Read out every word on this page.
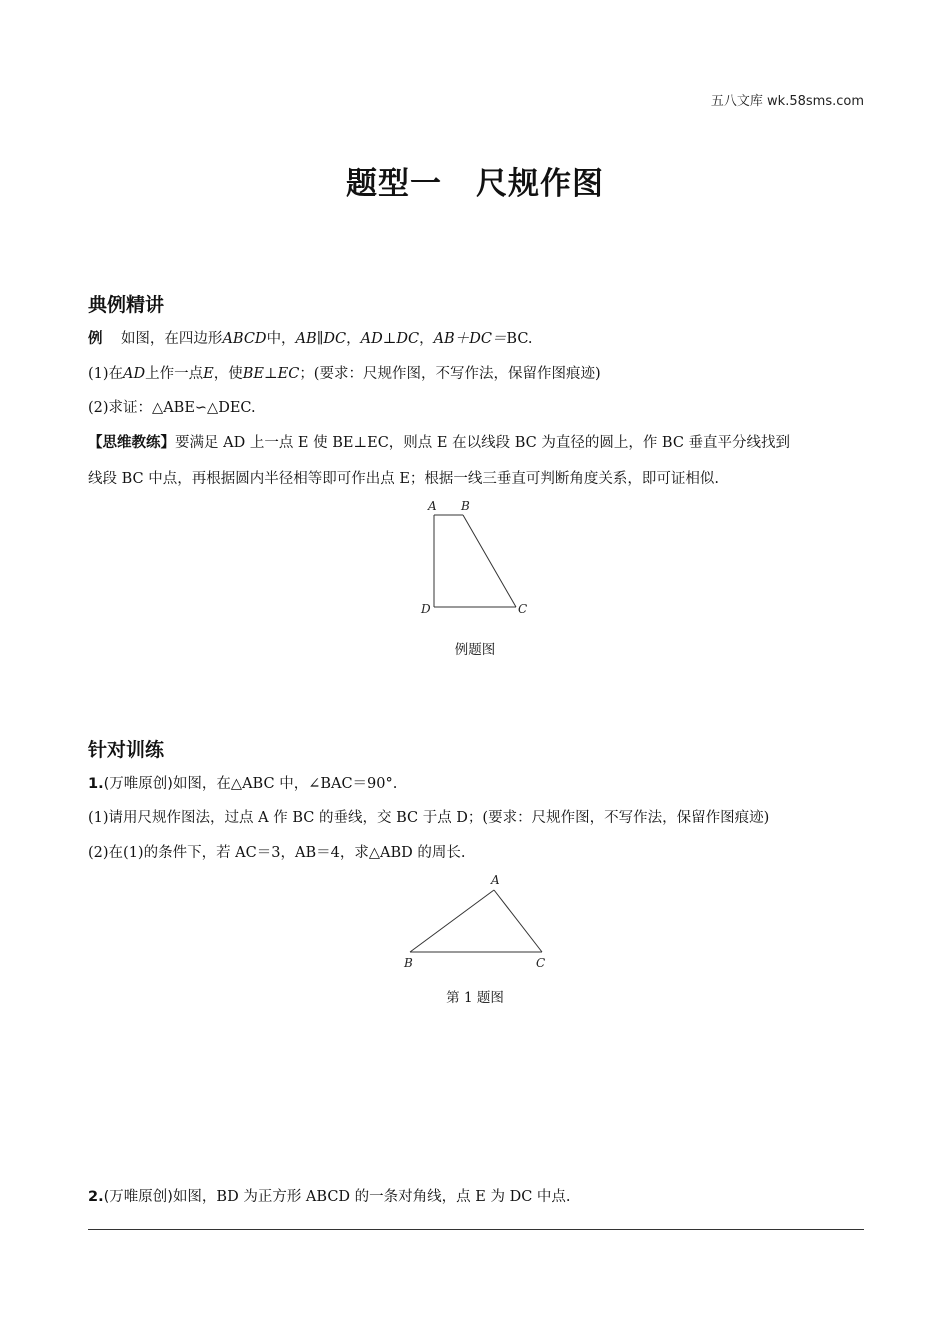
五八文库 wk.58sms.com
题型一 尺规作图
典例精讲
例 如图，在四边形ABCD中，AB∥DC，AD⊥DC，AB＋DC＝BC.
(1)在AD上作一点E，使BE⊥EC；(要求：尺规作图，不写作法，保留作图痕迹)
(2)求证：△ABE∽△DEC.
【思维教练】要满足 AD 上一点 E 使 BE⊥EC，则点 E 在以线段 BC 为直径的圆上，作 BC 垂直平分线找到
线段 BC 中点，再根据圆内半径相等即可作出点 E；根据一线三垂直可判断角度关系，即可证相似.
A B
C
D
例题图
针对训练
1.(万唯原创)如图，在△ABC 中，∠BAC＝90°.
(1)请用尺规作图法，过点 A 作 BC 的垂线，交 BC 于点 D；(要求：尺规作图，不写作法，保留作图痕迹)
(2)在(1)的条件下，若 AC＝3，AB＝4，求△ABD 的周长.
A
B	C
第 1 题图
2.(万唯原创)如图，BD 为正方形 ABCD 的一条对角线，点 E 为 DC 中点.
